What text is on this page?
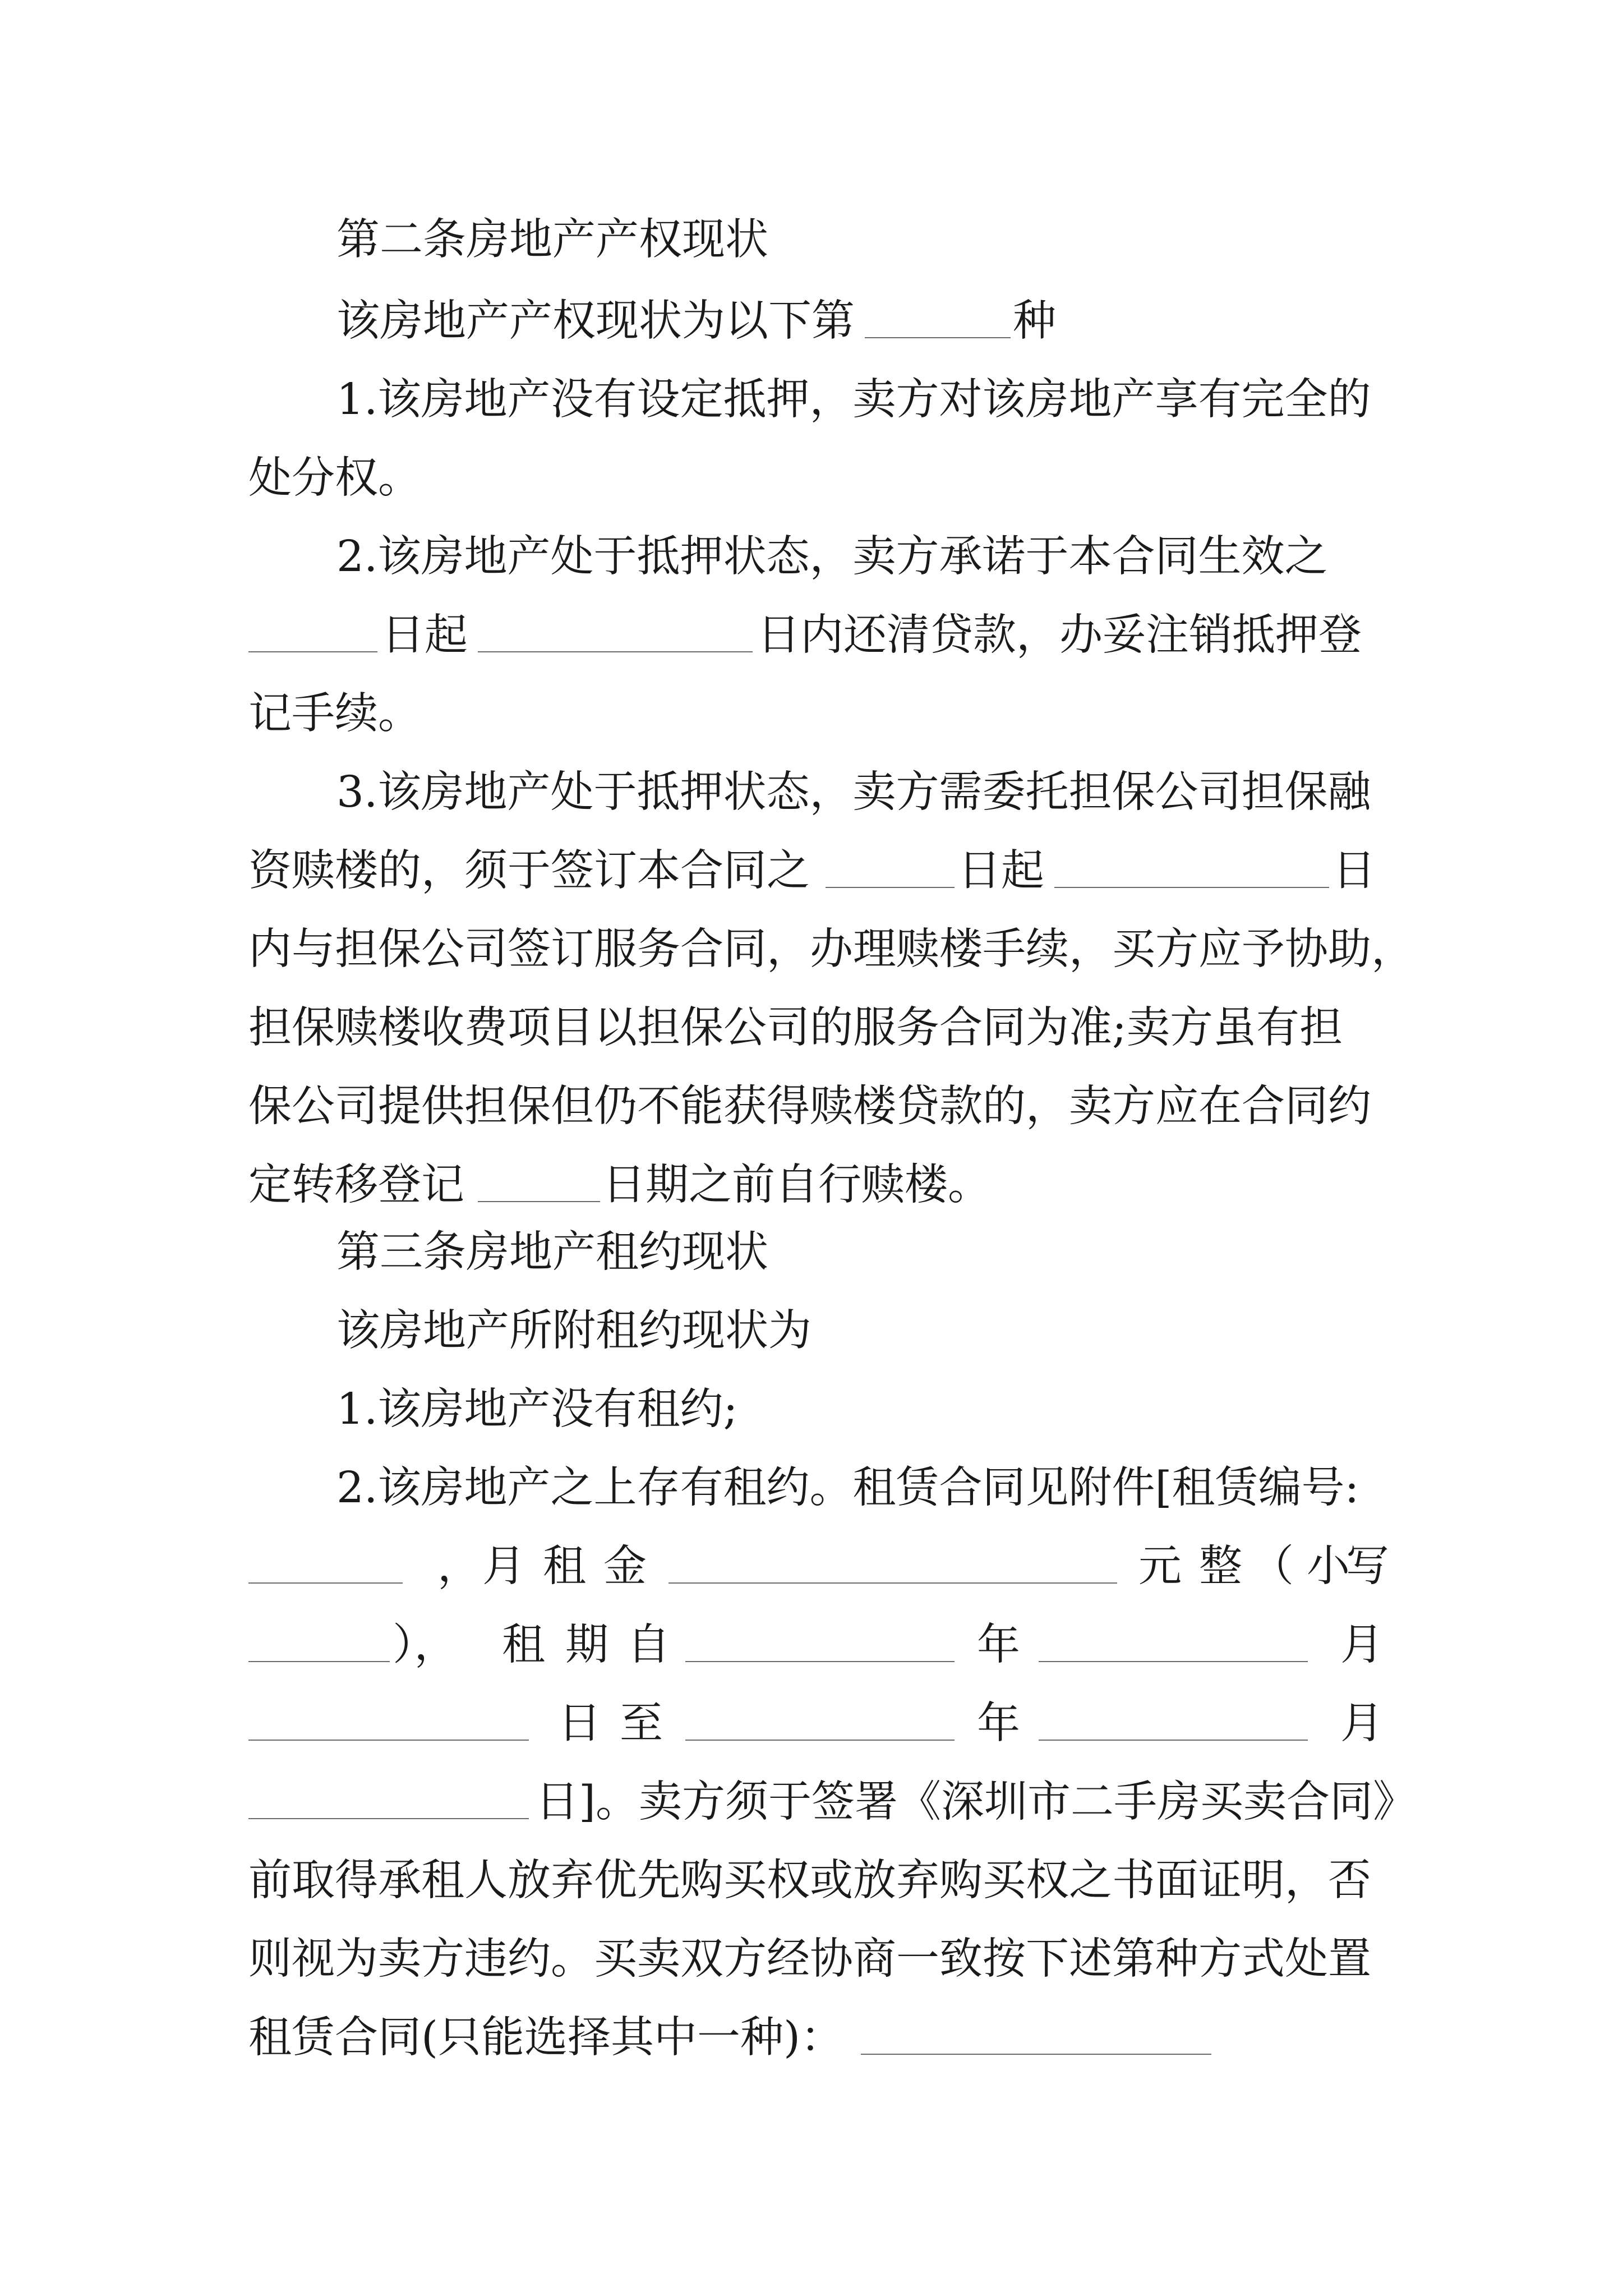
第二条房地产产权现状

该房地产产权现状为以下第

	种

1.该房地产没有设定抵押，卖方对该房地产享有完全的

处分权。

2.该房地产处于抵押状态，卖方承诺于本合同生效之

日起

	日内还清贷款，办妥注销抵押登

记手续。

3.该房地产处于抵押状态，卖方需委托担保公司担保融

资赎楼的，须于签订本合同之

	日起

	日

内与担保公司签订服务合同，办理赎楼手续，买方应予协助，

担保赎楼收费项目以担保公司的服务合同为准;卖方虽有担

保公司提供担保但仍不能获得赎楼贷款的，卖方应在合同约

定转移登记

	日期之前自行赎楼。

第三条房地产租约现状

该房地产所附租约现状为

1.该房地产没有租约;

2.该房地产之上存有租约。租赁合同见附件[租赁编号:

，

月

租

金

	元

整

（

小

写

），

租

期

自

	年

	月

日

至

	年

	月

日]。卖方须于签署《深圳市二手房买卖合同》

前取得承租人放弃优先购买权或放弃购买权之书面证明，否

则视为卖方违约。买卖双方经协商一致按下述第种方式处置

租赁合同(只能选择其中一种)：
